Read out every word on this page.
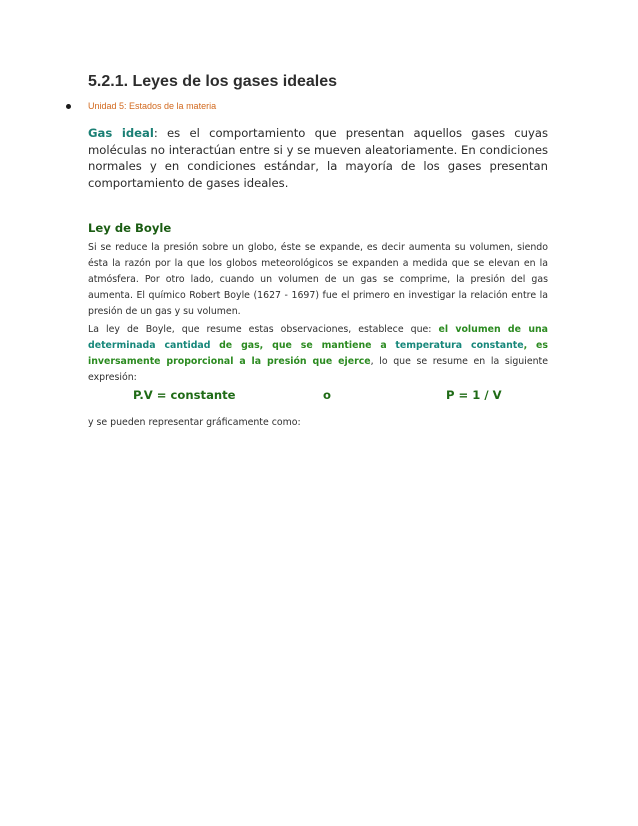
5.2.1. Leyes de los gases ideales
Unidad 5: Estados de la materia
Gas ideal: es el comportamiento que presentan aquellos gases cuyas moléculas no interactúan entre si y se mueven aleatoriamente. En condiciones normales y en condiciones estándar, la mayoría de los gases presentan comportamiento de gases ideales.
Ley de Boyle
Si se reduce la presión sobre un globo, éste se expande, es decir aumenta su volumen, siendo ésta la razón por la que los globos meteorológicos se expanden a medida que se elevan en la atmósfera. Por otro lado, cuando un volumen de un gas se comprime, la presión del gas aumenta. El químico Robert Boyle (1627 - 1697) fue el primero en investigar la relación entre la presión de un gas y su volumen.
La ley de Boyle, que resume estas observaciones, establece que: el volumen de una determinada cantidad de gas, que se mantiene a temperatura constante, es inversamente proporcional a la presión que ejerce, lo que se resume en la siguiente expresión:
P.V = constante	o	P = 1 / V
y se pueden representar gráficamente como:
